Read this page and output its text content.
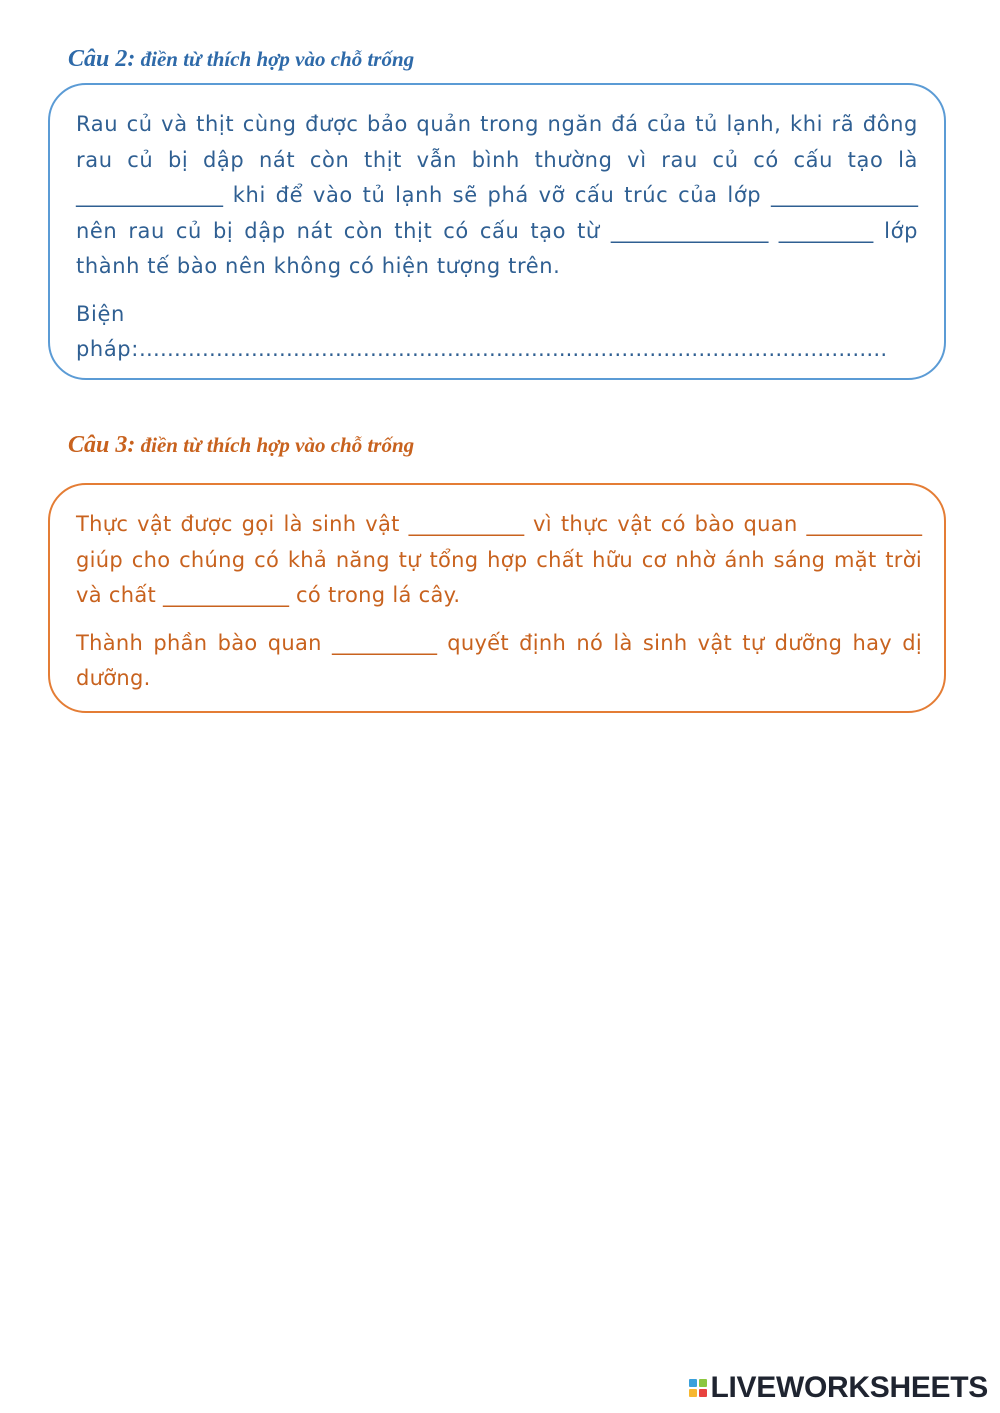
Câu 2: điền từ thích hợp vào chỗ trống

Rau củ và thịt cùng được bảo quản trong ngăn đá của tủ lạnh, khi rã đông rau củ bị dập nát còn thịt vẫn bình thường vì rau củ có cấu tạo là ______________ khi để vào tủ lạnh sẽ phá vỡ cấu trúc của lớp ______________ nên rau củ bị dập nát còn thịt có cấu tạo từ _______________ _________ lớp thành tế bào nên không có hiện tượng trên.

Biện pháp:……………………………………………………..………………………………………

Câu 3: điền từ thích hợp vào chỗ trống

Thực vật được gọi là sinh vật ___________ vì thực vật có bào quan ___________ giúp cho chúng có khả năng tự tổng hợp chất hữu cơ nhờ ánh sáng mặt trời và chất ____________ có trong lá cây.

Thành phần bào quan __________ quyết định nó là sinh vật tự dưỡng hay dị dưỡng.

LIVEWORKSHEETS
